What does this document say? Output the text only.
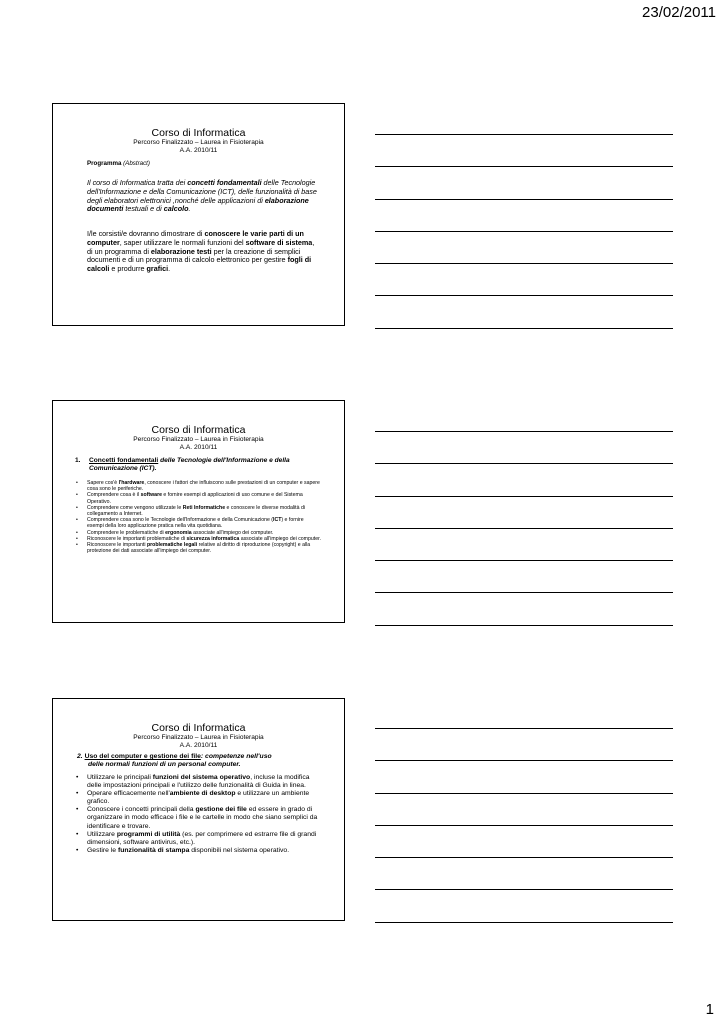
23/02/2011
Corso di Informatica
Percorso Finalizzato – Laurea in Fisioterapia
A.A. 2010/11
Programma (Abstract)
Il corso di Informatica tratta dei concetti fondamentali delle Tecnologie dell'Informazione e della Comunicazione (ICT), delle funzionalità di base degli elaboratori elettronici ,nonché delle applicazioni di elaborazione documenti testuali e di calcolo.
I/le corsisti/e dovranno dimostrare di conoscere le varie parti di un computer, saper utilizzare le normali funzioni del software di sistema, di un programma di elaborazione testi per la creazione di semplici documenti e di un programma di calcolo elettronico per gestire fogli di calcoli e produrre grafici.
Corso di Informatica
Percorso Finalizzato – Laurea in Fisioterapia
A.A. 2010/11
1. Concetti fondamentali delle Tecnologie dell'Informazione e della
Comunicazione (ICT).
• Sapere cos'è l'hardware, conoscere i fattori che influiscono sulle prestazioni di un computer e sapere cosa sono le periferiche.
• Comprendere cosa è il software e fornire esempi di applicazioni di uso comune e del Sistema Operativo.
• Comprendere come vengono utilizzate le Reti Informatiche e conoscere le diverse modalità di collegamento a Internet.
• Comprendere cosa sono le Tecnologie dell'Informazione e della Comunicazione (ICT) e fornire esempi della loro applicazione pratica nella vita quotidiana.
• Comprendere le problematiche di ergonomia associate all'impiego dei computer.
• Riconoscere le importanti problematiche di sicurezza informatica associate all'impiego dei computer.
• Riconoscere le importanti problematiche legali relative al diritto di riproduzione (copyright) e alla protezione dei dati associate all'impiego dei computer.
Corso di Informatica
Percorso Finalizzato – Laurea in Fisioterapia
A.A. 2010/11
2. Uso del computer e gestione dei file: competenze nell'uso
delle normali funzioni di un personal computer.
• Utilizzare le principali funzioni del sistema operativo, incluse la modifica delle impostazioni principali e l'utilizzo delle funzionalità di Guida in linea.
• Operare efficacemente nell'ambiente di desktop e utilizzare un ambiente grafico.
• Conoscere i concetti principali della gestione dei file ed essere in grado di organizzare in modo efficace i file e le cartelle in modo che siano semplici da identificare e trovare.
• Utilizzare programmi di utilità (es. per comprimere ed estrarre file di grandi dimensioni, software antivirus, etc.).
• Gestire le funzionalità di stampa disponibili nel sistema operativo.
1
